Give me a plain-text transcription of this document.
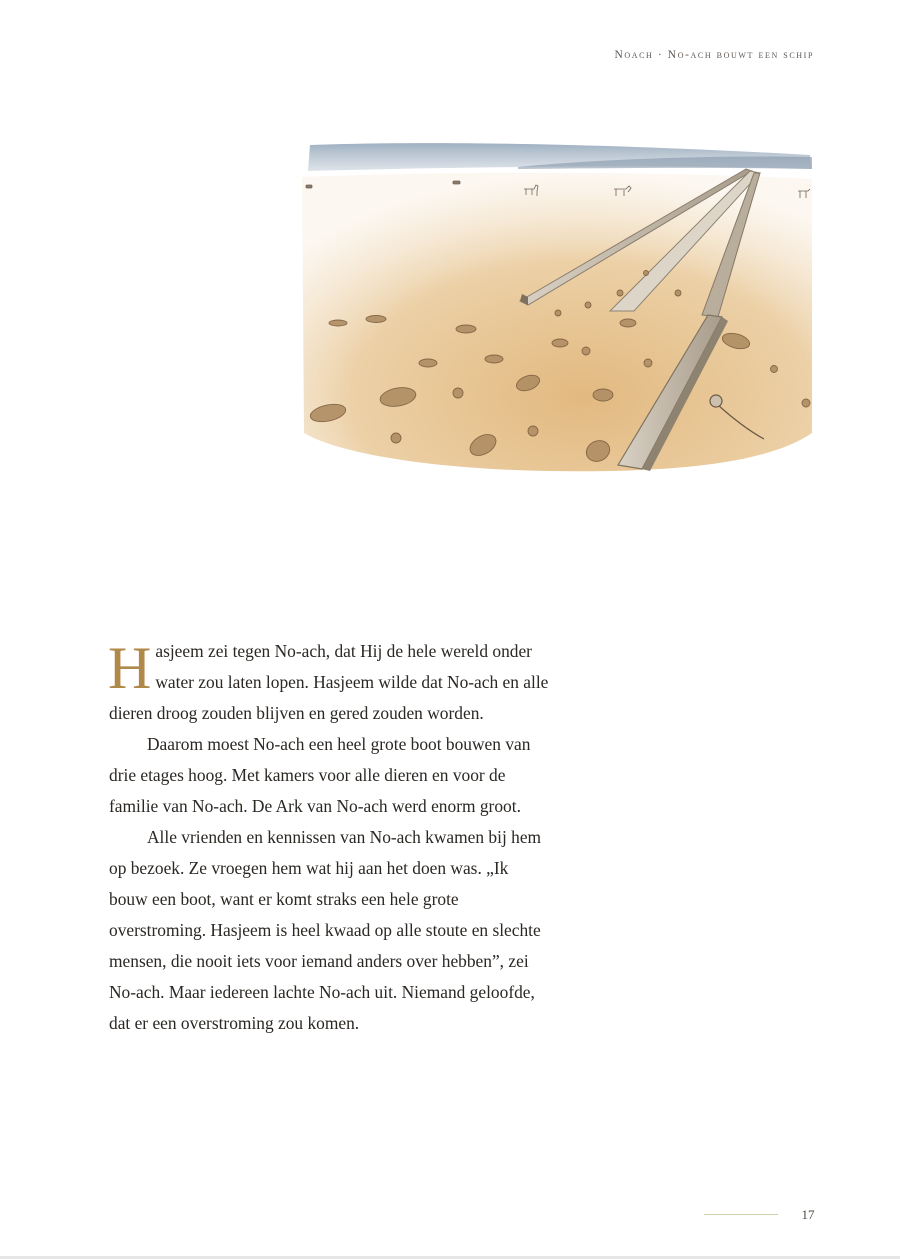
Noach · No-ach bouwt een schip

Hasjeem zei tegen No-ach, dat Hij de hele wereld onder water zou laten lopen. Hasjeem wilde dat No-ach en alle dieren droog zouden blijven en gered zouden worden.

Daarom moest No-ach een heel grote boot bouwen van drie etages hoog. Met kamers voor alle dieren en voor de familie van No-ach. De Ark van No-ach werd enorm groot.

Alle vrienden en kennissen van No-ach kwamen bij hem op bezoek. Ze vroegen hem wat hij aan het doen was. „Ik bouw een boot, want er komt straks een hele grote overstroming. Hasjeem is heel kwaad op alle stoute en slechte mensen, die nooit iets voor iemand anders over hebben”, zei No-ach. Maar iedereen lachte No-ach uit. Niemand geloofde, dat er een overstroming zou komen.

17
